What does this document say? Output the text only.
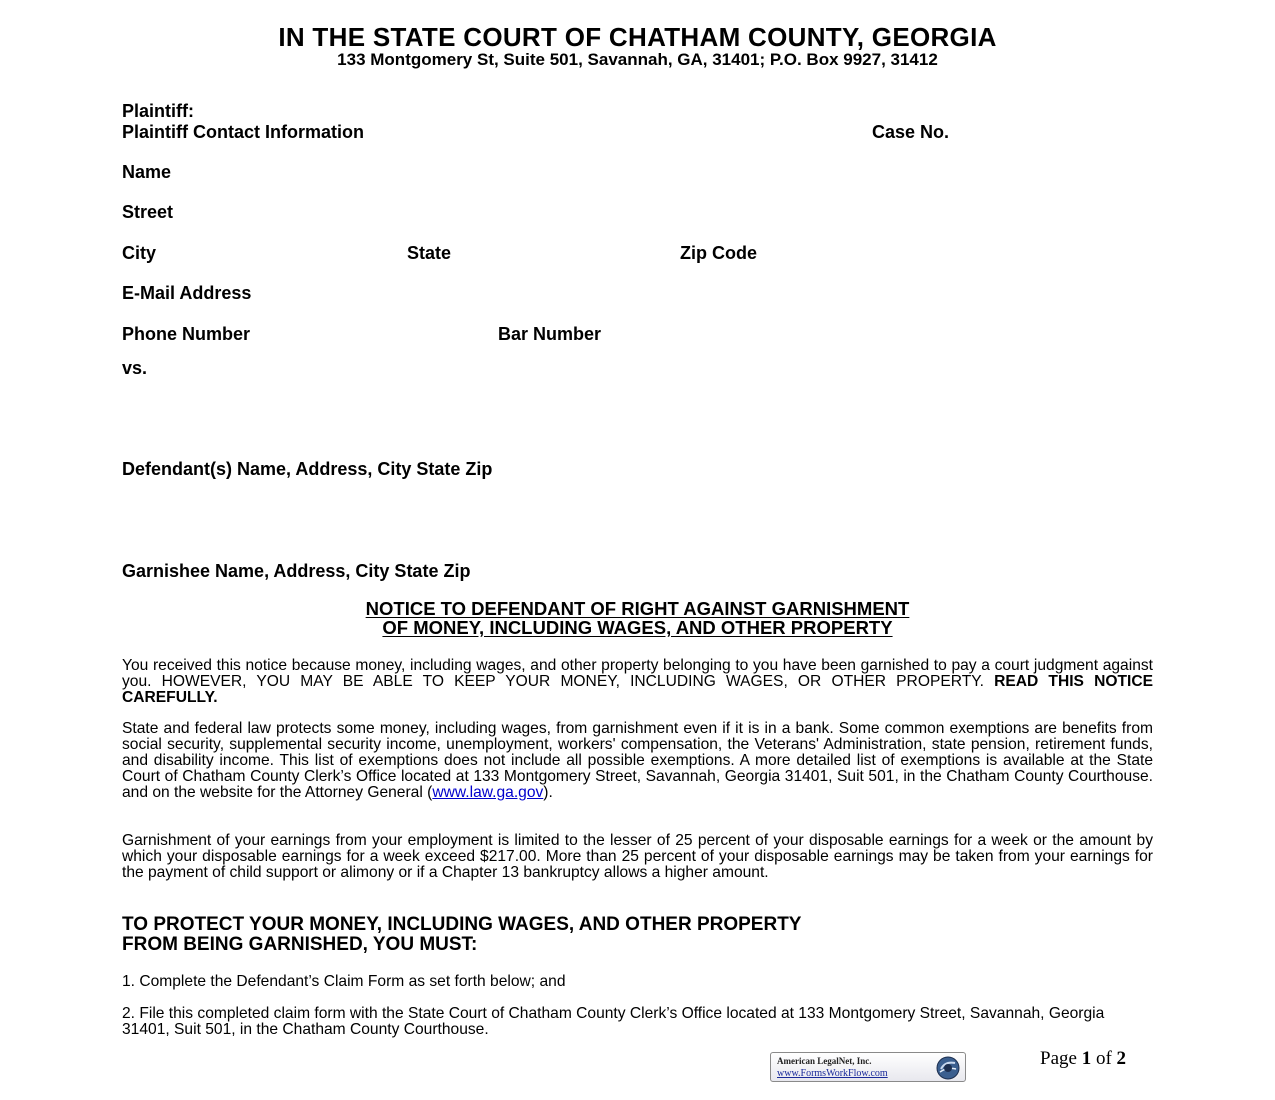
IN THE STATE COURT OF CHATHAM COUNTY, GEORGIA
133 Montgomery St, Suite 501, Savannah, GA, 31401; P.O. Box 9927, 31412
Plaintiff:
Plaintiff Contact Information	Case No.
Name
Street
City	State	Zip Code
E-Mail Address
Phone Number	Bar Number
vs.
Defendant(s) Name, Address, City State Zip
Garnishee Name, Address, City State Zip
NOTICE TO DEFENDANT OF RIGHT AGAINST GARNISHMENT
OF MONEY, INCLUDING WAGES, AND OTHER PROPERTY
You received this notice because money, including wages, and other property belonging to you have been garnished to pay a court judgment against you. HOWEVER, YOU MAY BE ABLE TO KEEP YOUR MONEY, INCLUDING WAGES, OR OTHER PROPERTY. READ THIS NOTICE CAREFULLY.
State and federal law protects some money, including wages, from garnishment even if it is in a bank. Some common exemptions are benefits from social security, supplemental security income, unemployment, workers' compensation, the Veterans' Administration, state pension, retirement funds, and disability income. This list of exemptions does not include all possible exemptions. A more detailed list of exemptions is available at the State Court of Chatham County Clerk’s Office located at 133 Montgomery Street, Savannah, Georgia 31401, Suit 501, in the Chatham County Courthouse. and on the website for the Attorney General (www.law.ga.gov).
Garnishment of your earnings from your employment is limited to the lesser of 25 percent of your disposable earnings for a week or the amount by which your disposable earnings for a week exceed $217.00. More than 25 percent of your disposable earnings may be taken from your earnings for the payment of child support or alimony or if a Chapter 13 bankruptcy allows a higher amount.
TO PROTECT YOUR MONEY, INCLUDING WAGES, AND OTHER PROPERTY
FROM BEING GARNISHED, YOU MUST:
1. Complete the Defendant’s Claim Form as set forth below; and
2. File this completed claim form with the State Court of Chatham County Clerk’s Office located at 133 Montgomery Street, Savannah, Georgia 31401, Suit 501, in the Chatham County Courthouse.
American LegalNet, Inc.
www.FormsWorkFlow.com
Page 1 of 2
